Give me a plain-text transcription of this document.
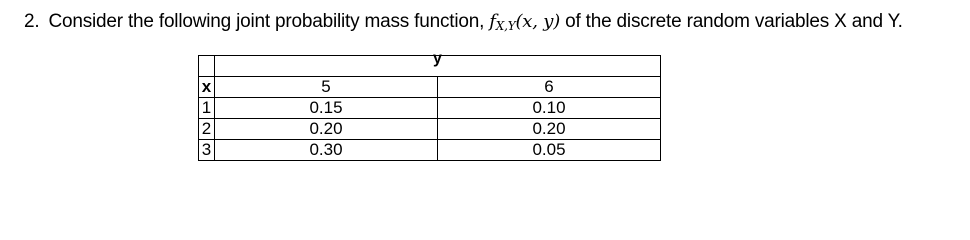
2. Consider the following joint probability mass function, $f_{X,Y}(x$, y) of the discrete random variables X and Y.

	y	

x	5	6
1	0.15	0.10
2	0.20	0.20
3	0.30	0.05
